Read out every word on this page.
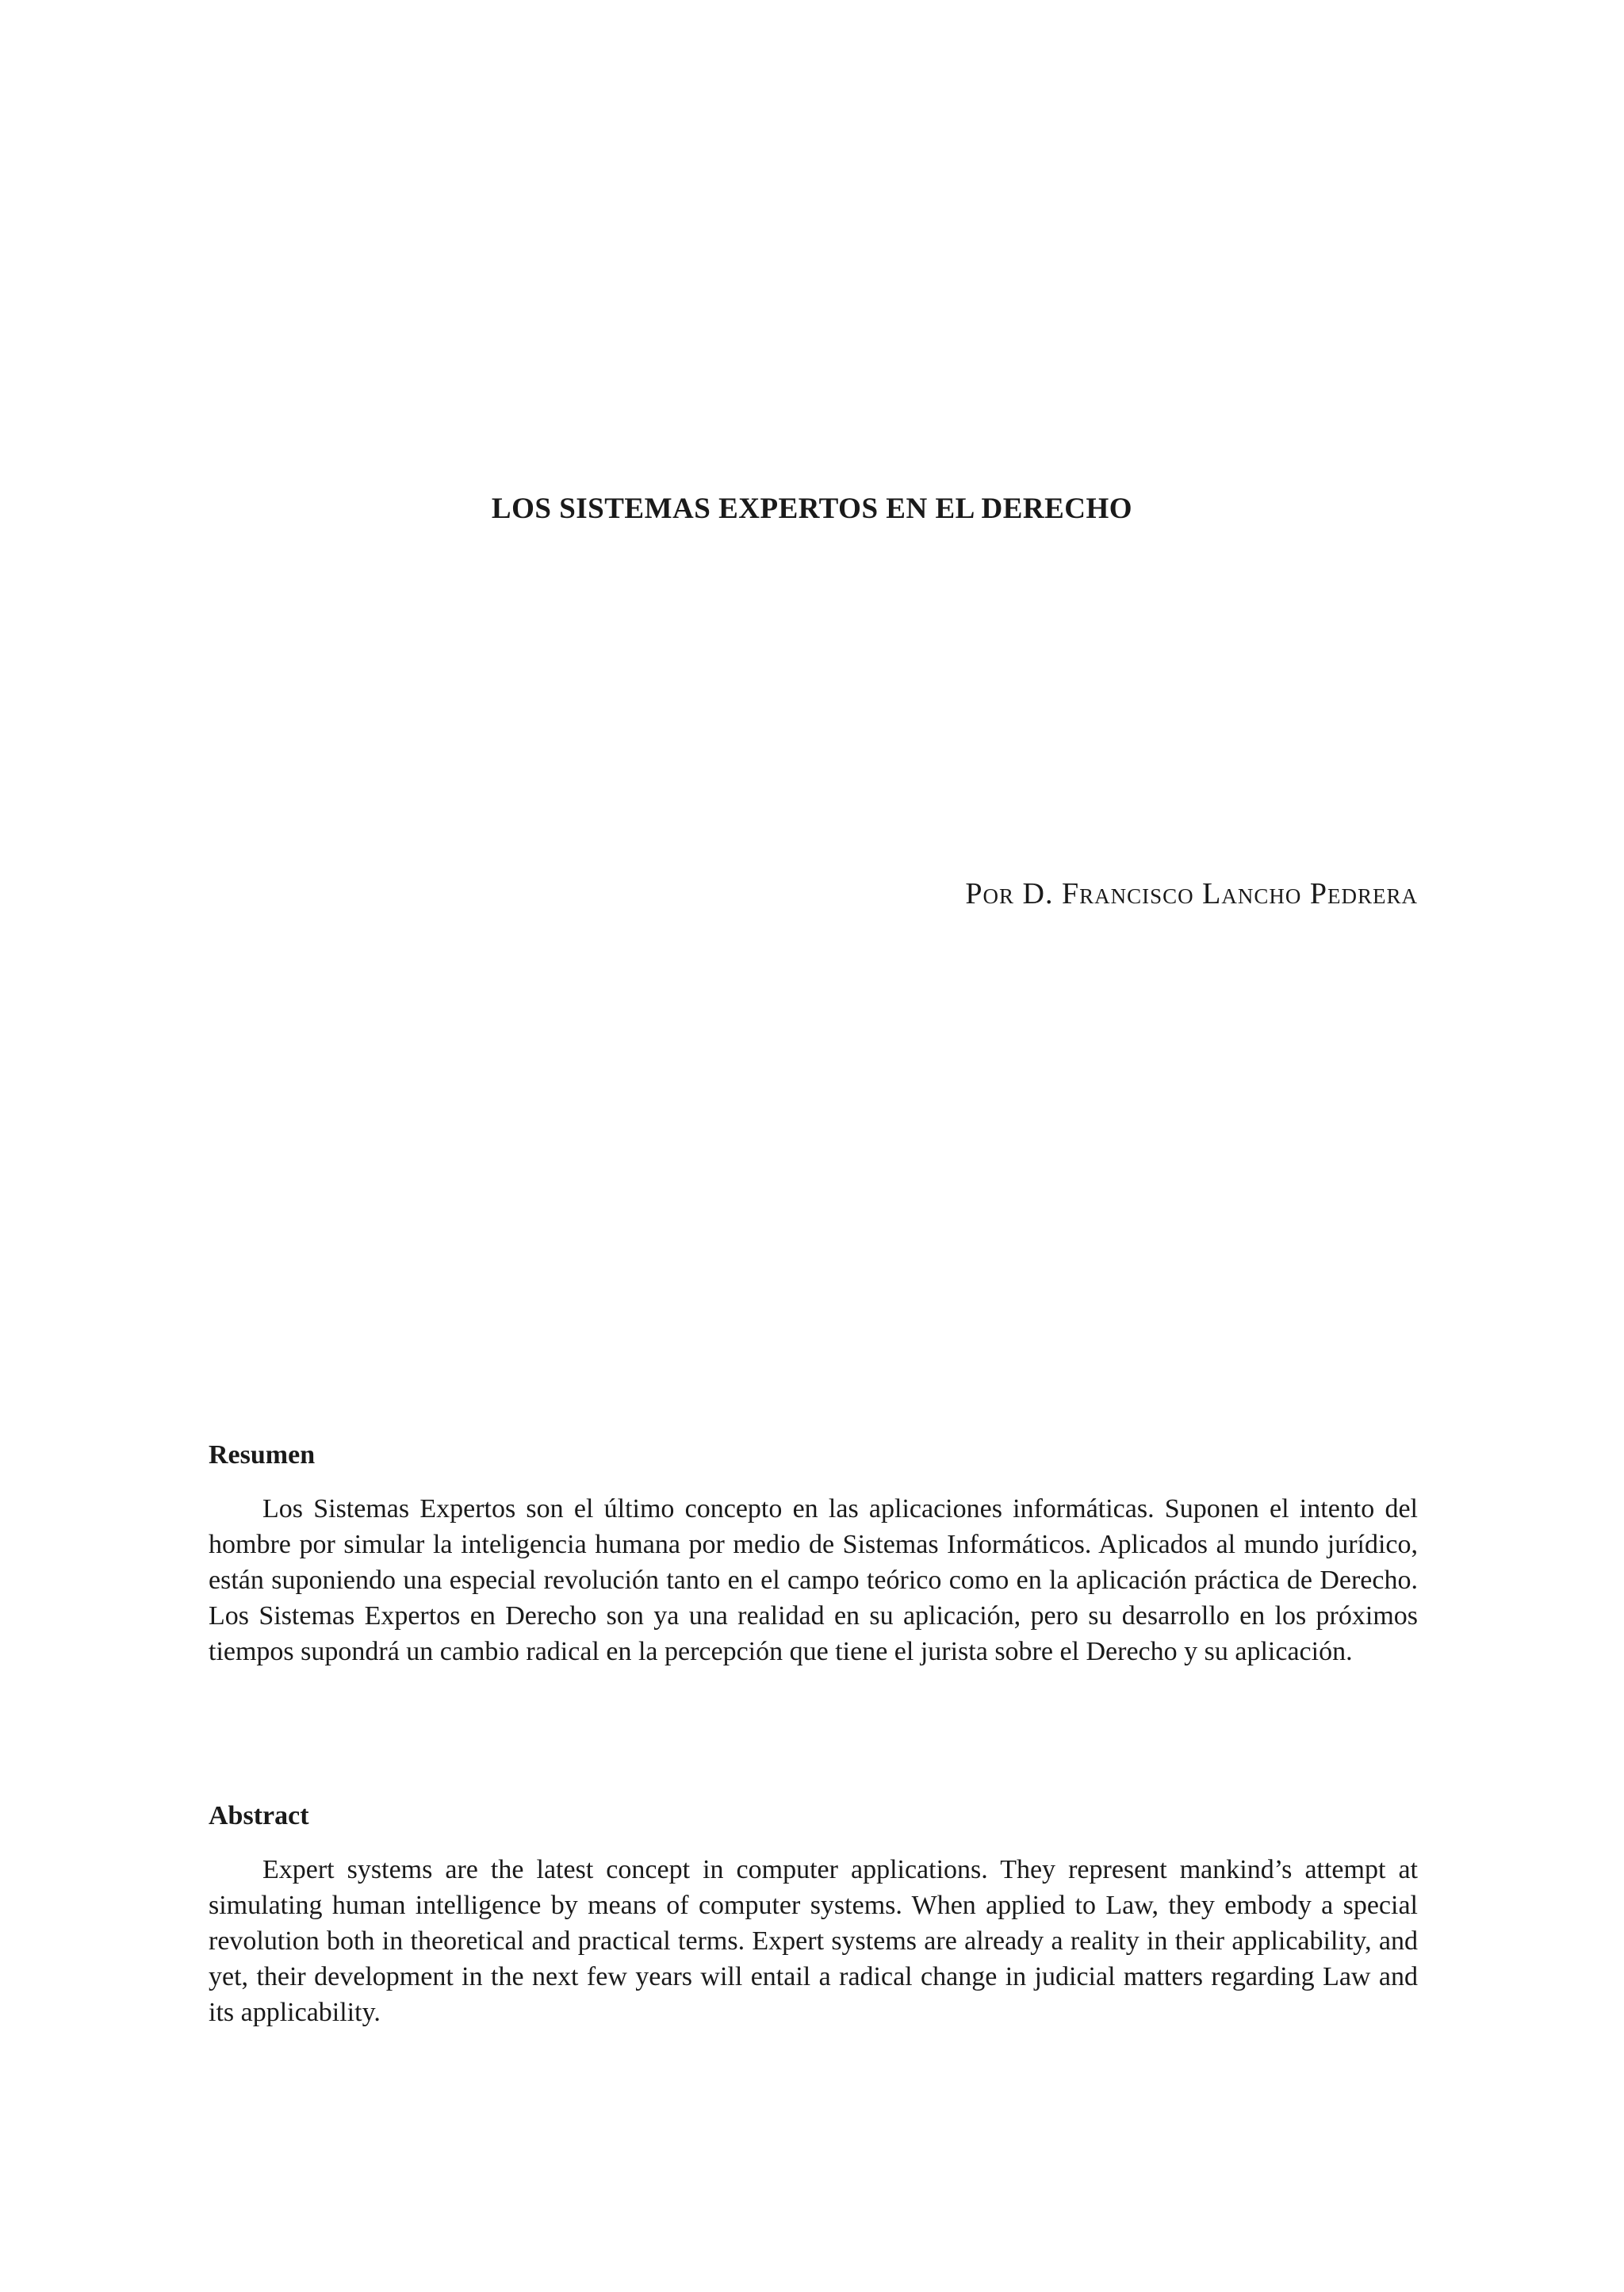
LOS SISTEMAS EXPERTOS EN EL DERECHO

Por D. Francisco Lancho Pedrera

Resumen

Los Sistemas Expertos son el último concepto en las aplicaciones informáticas. Suponen el intento del hombre por simular la inteligencia humana por medio de Sistemas Informáticos. Aplicados al mundo jurídico, están suponiendo una especial revolución tanto en el campo teórico como en la aplicación práctica de Derecho. Los Sistemas Expertos en Derecho son ya una realidad en su aplicación, pero su desarrollo en los próximos tiempos supondrá un cambio radical en la percepción que tiene el jurista sobre el Derecho y su aplicación.

Abstract

Expert systems are the latest concept in computer applications. They represent mankind’s attempt at simulating human intelligence by means of computer systems. When applied to Law, they embody a special revolution both in theoretical and practical terms. Expert systems are already a reality in their applicability, and yet, their development in the next few years will entail a radical change in judicial matters regarding Law and its applicability.
